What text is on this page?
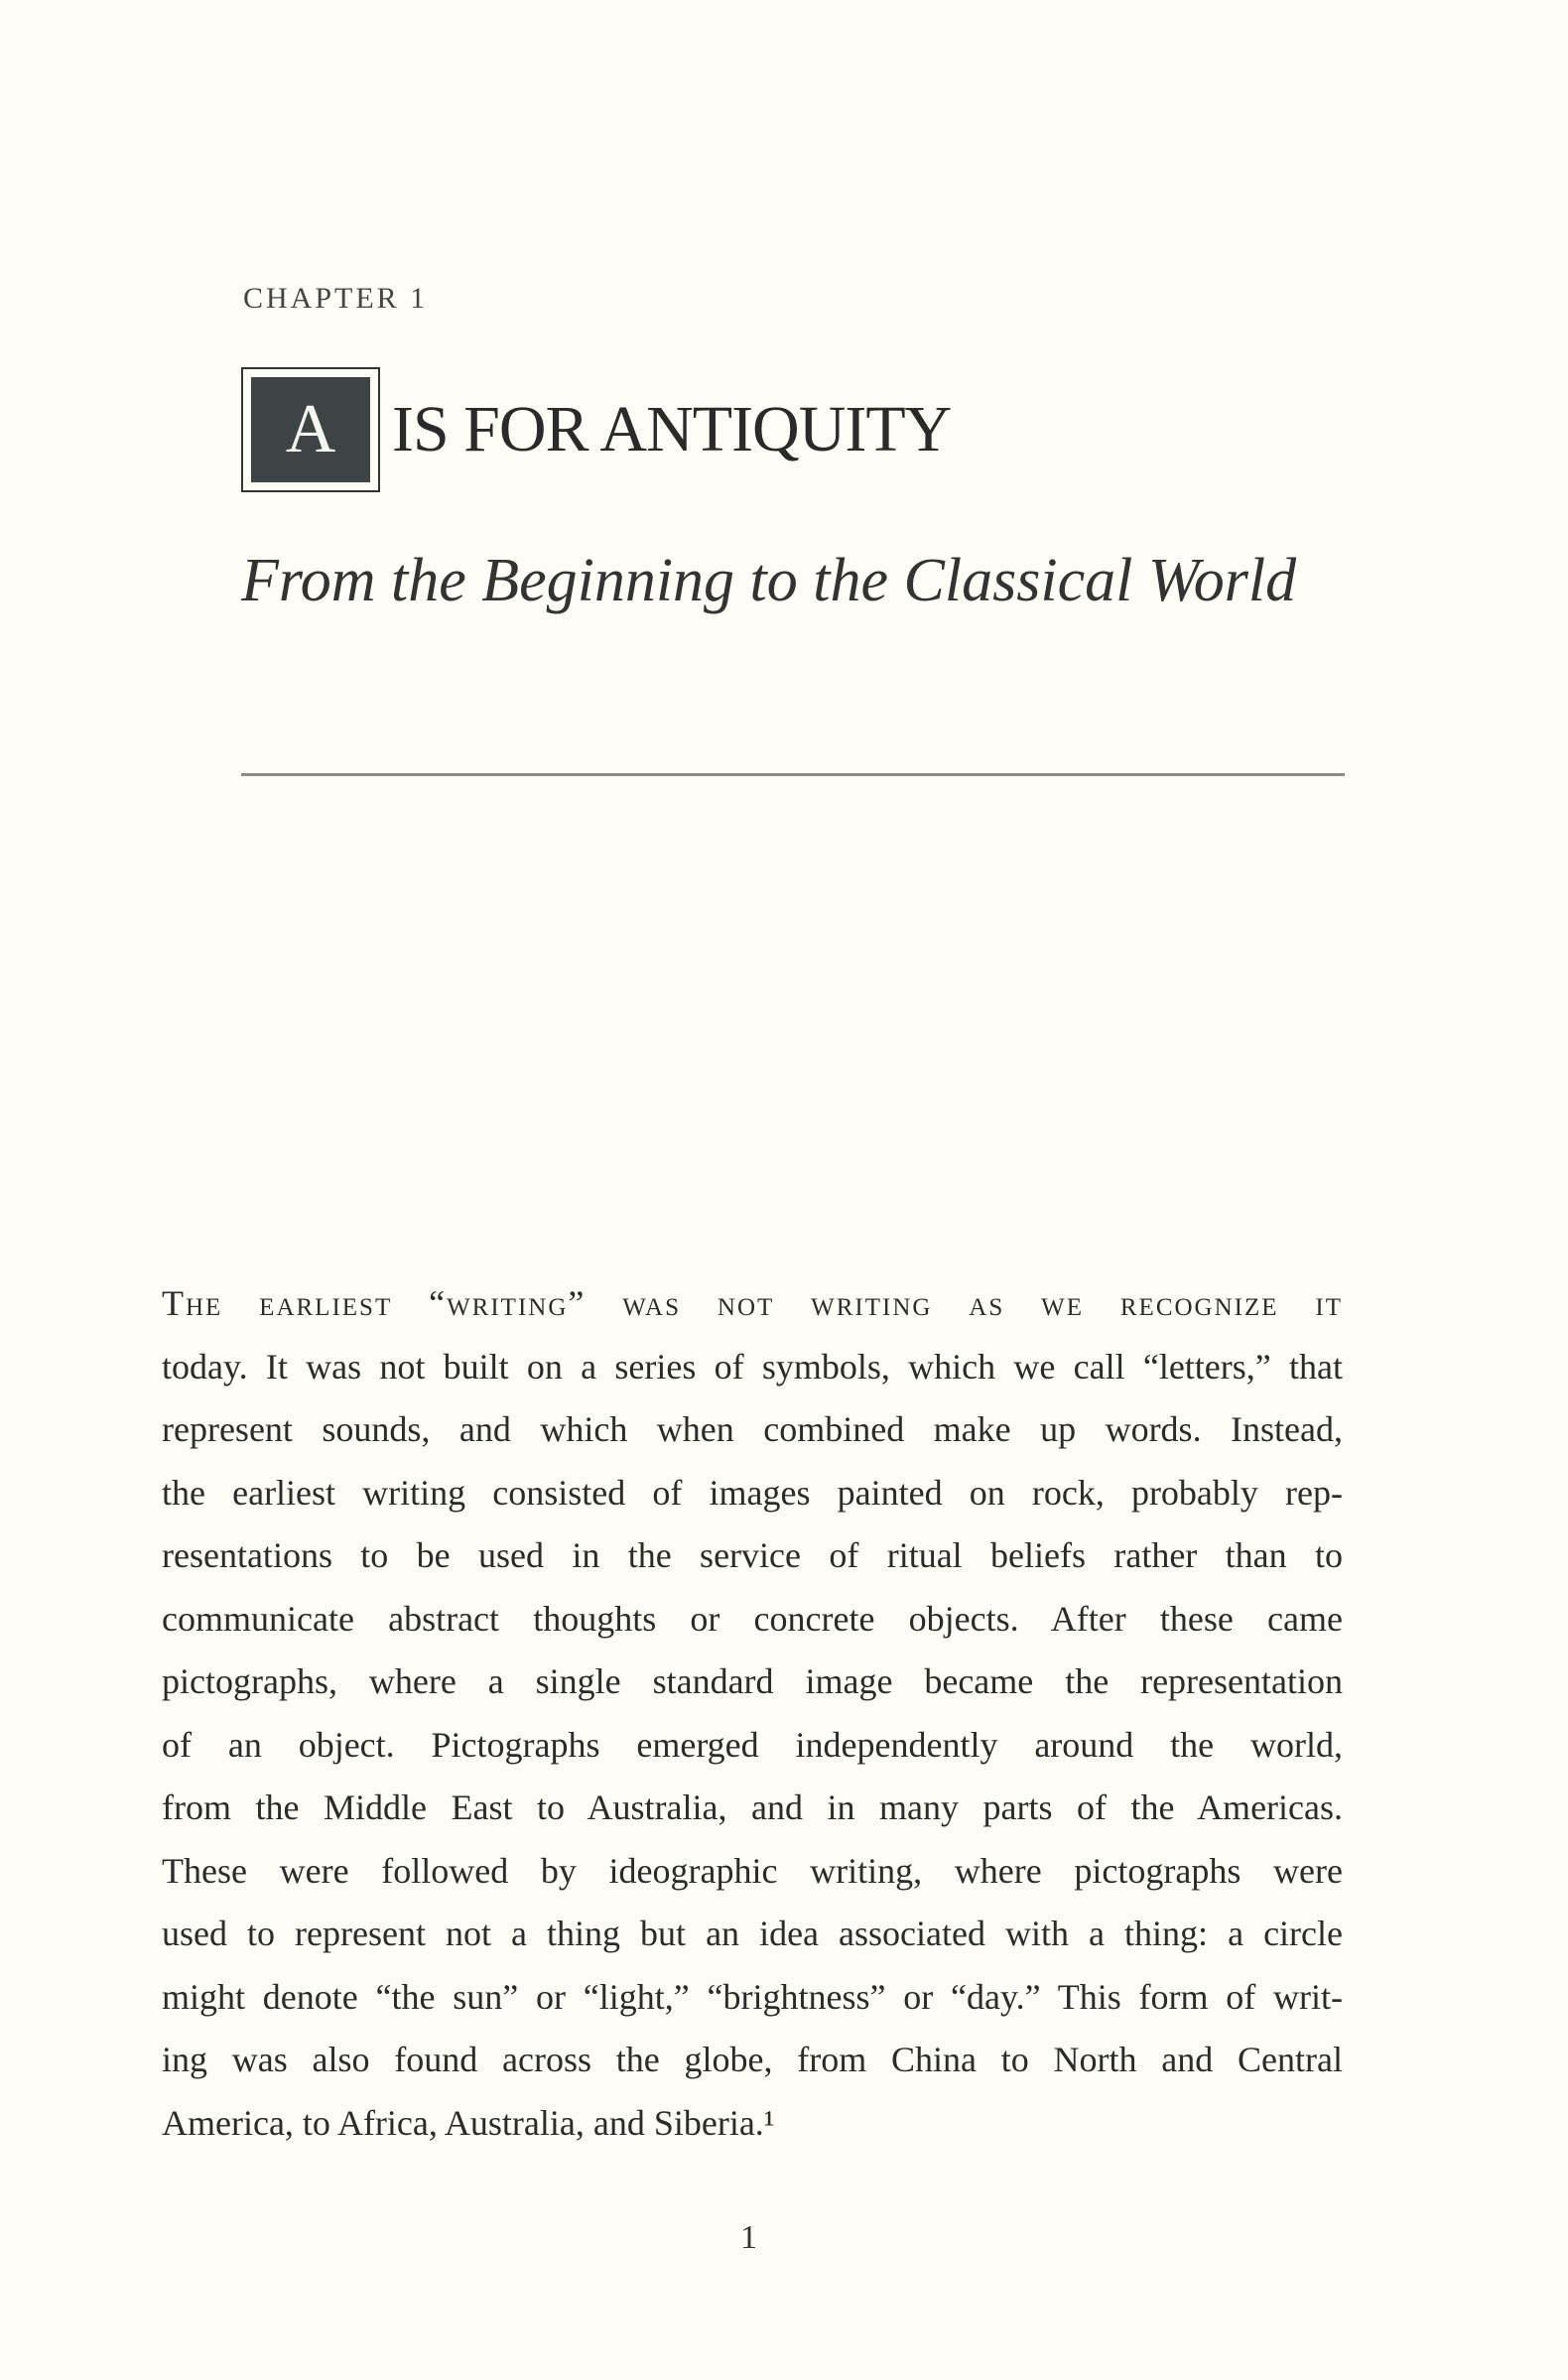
CHAPTER 1
A IS FOR ANTIQUITY
From the Beginning to the Classical World
The earliest “writing” was not writing as we recognize it
today. It was not built on a series of symbols, which we call “letters,” that
represent sounds, and which when combined make up words. Instead,
the earliest writing consisted of images painted on rock, probably rep-
resentations to be used in the service of ritual beliefs rather than to
communicate abstract thoughts or concrete objects. After these came
pictographs, where a single standard image became the representation
of an object. Pictographs emerged independently around the world,
from the Middle East to Australia, and in many parts of the Americas.
These were followed by ideographic writing, where pictographs were
used to represent not a thing but an idea associated with a thing: a circle
might denote “the sun” or “light,” “brightness” or “day.” This form of writ-
ing was also found across the globe, from China to North and Central
America, to Africa, Australia, and Siberia.¹
1
